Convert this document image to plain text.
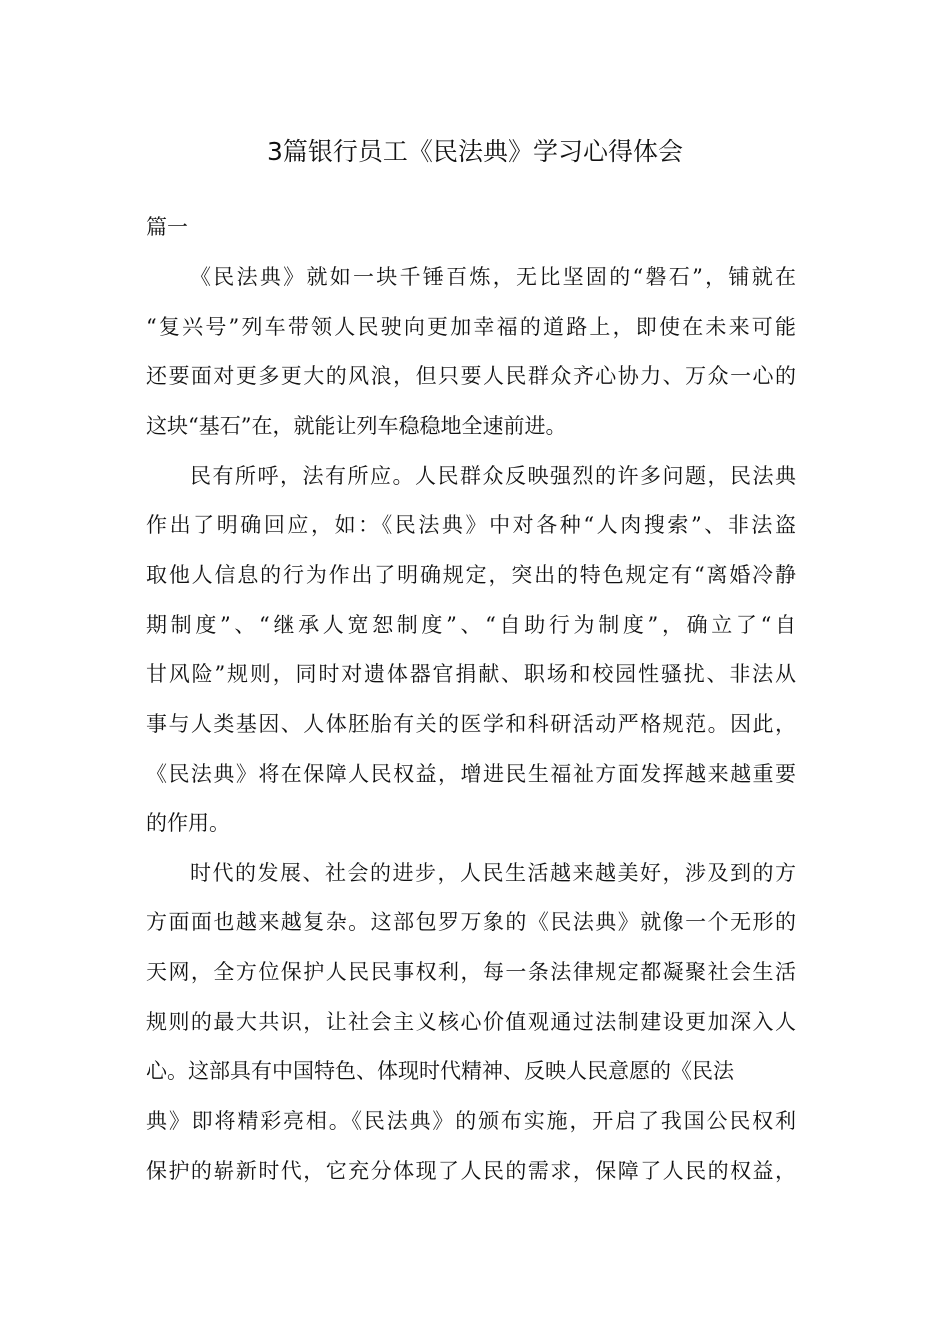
3篇银行员工《民法典》学习心得体会
篇一
《民法典》就如一块千锤百炼，无比坚固的“磐石”，铺就在
“复兴号”列车带领人民驶向更加幸福的道路上，即使在未来可能
还要面对更多更大的风浪，但只要人民群众齐心协力、万众一心的
这块“基石”在，就能让列车稳稳地全速前进。
民有所呼，法有所应。人民群众反映强烈的许多问题，民法典
作出了明确回应，如：《民法典》中对各种“人肉搜索”、非法盗
取他人信息的行为作出了明确规定，突出的特色规定有“离婚冷静
期制度”、“继承人宽恕制度”、“自助行为制度”，确立了“自
甘风险”规则，同时对遗体器官捐献、职场和校园性骚扰、非法从
事与人类基因、人体胚胎有关的医学和科研活动严格规范。因此，
《民法典》将在保障人民权益，增进民生福祉方面发挥越来越重要
的作用。
时代的发展、社会的进步，人民生活越来越美好，涉及到的方
方面面也越来越复杂。这部包罗万象的《民法典》就像一个无形的
天网，全方位保护人民民事权利，每一条法律规定都凝聚社会生活
规则的最大共识，让社会主义核心价值观通过法制建设更加深入人
心。这部具有中国特色、体现时代精神、反映人民意愿的《民法
典》即将精彩亮相。《民法典》的颁布实施，开启了我国公民权利
保护的崭新时代，它充分体现了人民的需求，保障了人民的权益，
